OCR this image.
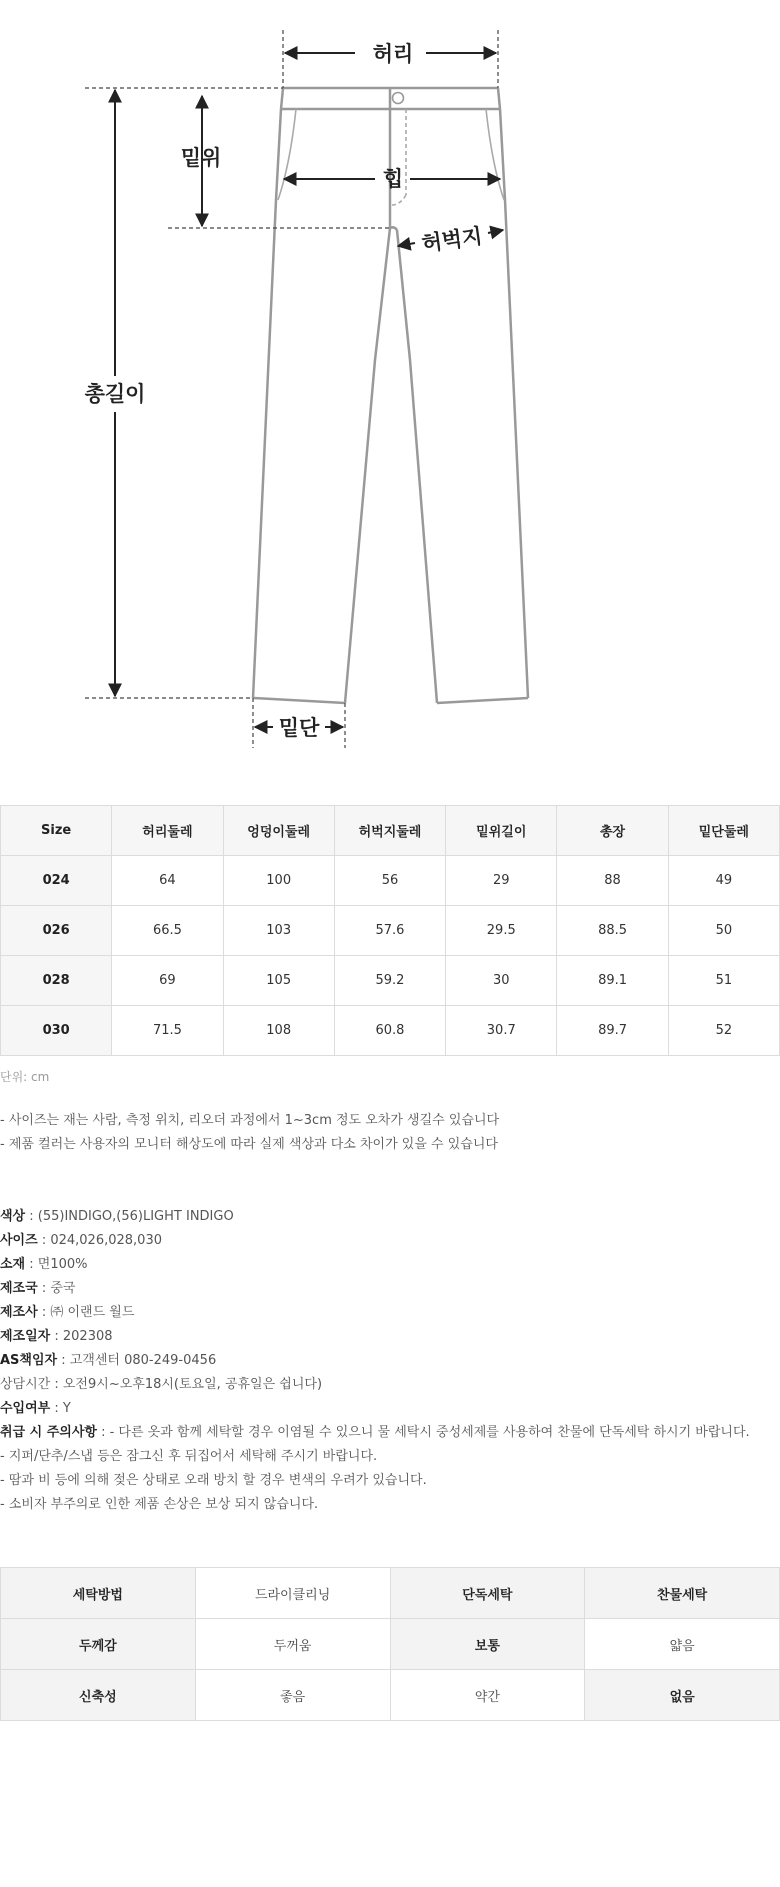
허리
밑위
힙
허벅지
총길이
밑단
Size	허리둘레	엉덩이둘레	허벅지둘레	밑위길이	총장	밑단둘레
024	64	100	56	29	88	49
026	66.5	103	57.6	29.5	88.5	50
028	69	105	59.2	30	89.1	51
030	71.5	108	60.8	30.7	89.7	52
단위: cm
- 사이즈는 재는 사람, 측정 위치, 리오더 과정에서 1~3cm 정도 오차가 생길수 있습니다
- 제품 컬러는 사용자의 모니터 해상도에 따라 실제 색상과 다소 차이가 있을 수 있습니다
색상 : (55)INDIGO,(56)LIGHT INDIGO
사이즈 : 024,026,028,030
소재 : 면100%
제조국 : 중국
제조사 : ㈜ 이랜드 월드
제조일자 : 202308
AS책임자 : 고객센터 080-249-0456
상담시간 : 오전9시~오후18시(토요일, 공휴일은 쉽니다)
수입여부 : Y
취급 시 주의사항 : - 다른 옷과 함께 세탁할 경우 이염될 수 있으니 물 세탁시 중성세제를 사용하여 찬물에 단독세탁 하시기 바랍니다.
- 지퍼/단추/스냅 등은 잠그신 후 뒤집어서 세탁해 주시기 바랍니다.
- 땀과 비 등에 의해 젖은 상태로 오래 방치 할 경우 변색의 우려가 있습니다.
- 소비자 부주의로 인한 제품 손상은 보상 되지 않습니다.
세탁방법	드라이클리닝	단독세탁	찬물세탁
두께감	두꺼움	보통	얇음
신축성	좋음	약간	없음
